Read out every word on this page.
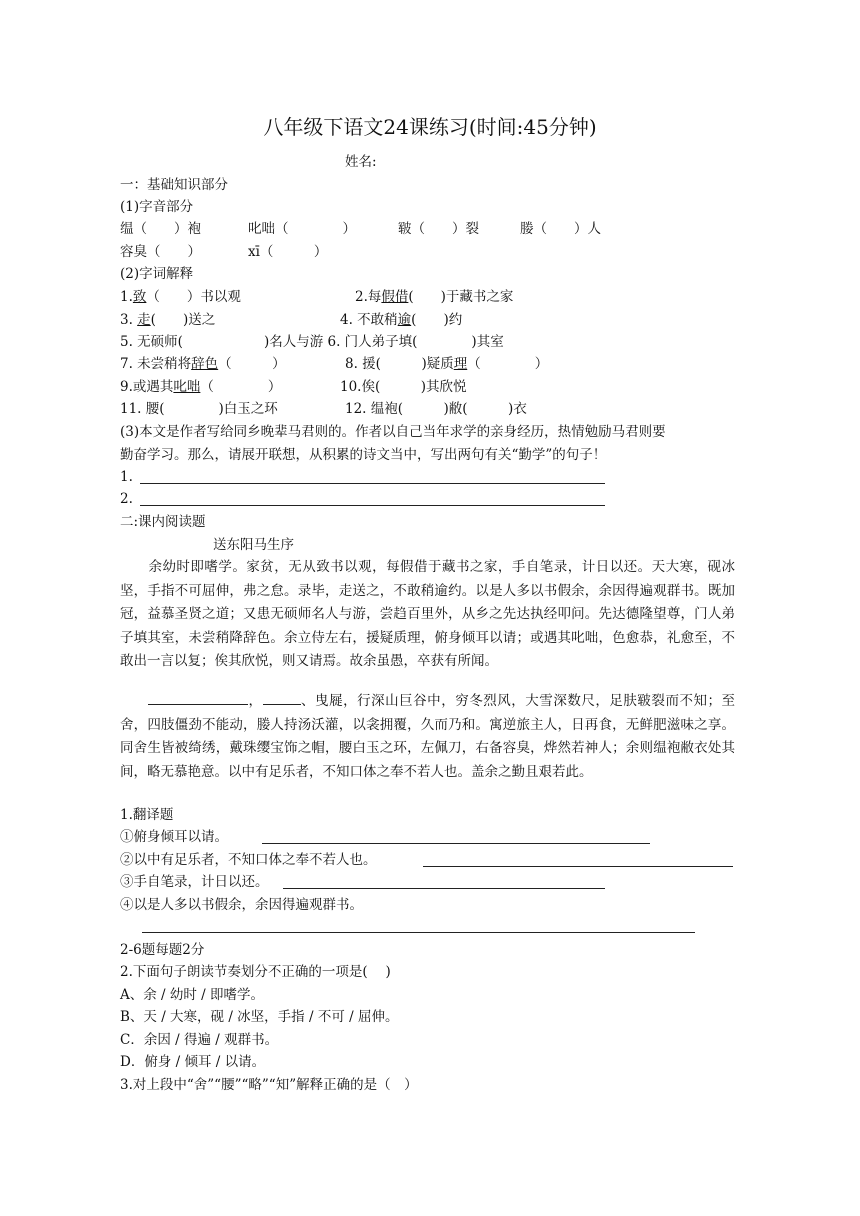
八年级下语文24课练习(时间:45分钟)
姓名:
一：基础知识部分
(1)字音部分
缊（　　）袍	叱咄（　　　　）	皲（　　）裂	媵（　　）人
容臭（　　）	xī（　　　）
(2)字词解释
1.致（　　）书以观	2.每假借(　　)于藏书之家
3. 走(　　)送之	4. 不敢稍逾(　　)约
5. 无硕师(　　　　　　)名人与游 6. 门人弟子填(　　　　)其室
7. 未尝稍将辞色（　　　）	8. 援(　　　)疑质理（　　　　）
9.或遇其叱咄（　　　　）	10.俟(　　　)其欣悦
11. 腰(　　　　)白玉之环	12. 缊袍(　　　)敝(　　　)衣
(3)本文是作者写给同乡晚辈马君则的。作者以自己当年求学的亲身经历，热情勉励马君则要
勤奋学习。那么，请展开联想，从积累的诗文当中，写出两句有关“勤学”的句子！
1.
2.
二:课内阅读题
送东阳马生序

余幼时即嗜学。家贫，无从致书以观，每假借于藏书之家，手自笔录，计日以还。天大寒，砚冰坚，手指不可屈伸，弗之怠。录毕，走送之，不敢稍逾约。以是人多以书假余，余因得遍观群书。既加冠，益慕圣贤之道；又患无硕师名人与游，尝趋百里外，从乡之先达执经叩问。先达德隆望尊，门人弟子填其室，未尝稍降辞色。余立侍左右，援疑质理，俯身倾耳以请；或遇其叱咄，色愈恭，礼愈至，不敢出一言以复；俟其欣悦，则又请焉。故余虽愚，卒获有所闻。

，	、曳屣，行深山巨谷中，穷冬烈风，大雪深数尺，足肤皲裂而不知；至舍，四肢僵劲不能动，媵人持汤沃灌，以衾拥覆，久而乃和。寓逆旅主人，日再食，无鲜肥滋味之享。同舍生皆被绮绣，戴珠缨宝饰之帽，腰白玉之环，左佩刀，右备容臭，烨然若神人；余则缊袍敝衣处其间，略无慕艳意。以中有足乐者，不知口体之奉不若人也。盖余之勤且艰若此。

1.翻译题
①俯身倾耳以请。
②以中有足乐者，不知口体之奉不若人也。
③手自笔录，计日以还。
④以是人多以书假余，余因得遍观群书。
2-6题每题2分
2.下面句子朗读节奏划分不正确的一项是(　 )
A、余 / 幼时 / 即嗜学。
B、天 / 大寒，砚 / 冰坚，手指 / 不可 / 屈伸。
C．余因 / 得遍 / 观群书。
D．俯身 / 倾耳 / 以请。
3.对上段中“舍”“腰”“略”“知”解释正确的是（　）
